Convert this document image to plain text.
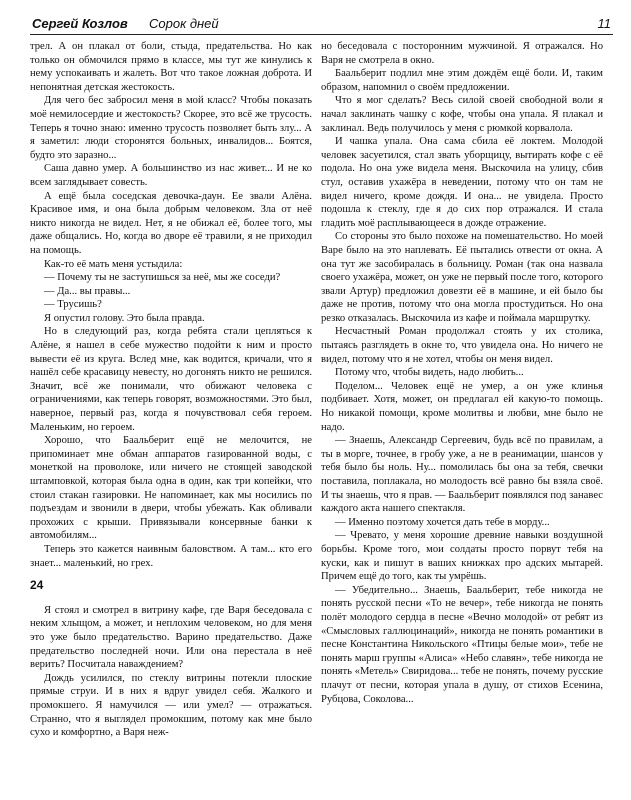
Сергей Козлов Сорок дней	11

трел. А он плакал от боли, стыда, предательства. Но как только он обмочился прямо в классе, мы тут же кинулись к нему успокаивать и жалеть. Вот что такое ложная доброта. И непонятная детская жестокость.

Для чего бес забросил меня в мой класс? Чтобы показать моё немилосердие и жестокость? Скорее, это всё же трусость. Теперь я точно знаю: именно трусость позволяет быть злу... А я заметил: люди сторонятся больных, инвалидов... Боятся, будто это заразно...

Саша давно умер. А большинство из нас живет... И не ко всем заглядывает совесть.

А ещё была соседская девочка-даун. Ее звали Алёна. Красивое имя, и она была добрым человеком. Зла от неё никто никогда не видел. Нет, я не обижал её, более того, мы даже общались. Но, когда во дворе её травили, я не приходил на помощь.

Как-то её мать меня устыдила:

— Почему ты не заступишься за неё, мы же соседи?

— Да... вы правы...

— Трусишь?

Я опустил голову. Это была правда.

Но в следующий раз, когда ребята стали цепляться к Алёне, я нашел в себе мужество подойти к ним и просто вывести её из круга. Вслед мне, как водится, кричали, что я нашёл себе красавицу невесту, но догонять никто не решился. Значит, всё же понимали, что обижают человека с ограничениями, как теперь говорят, возможностями. Это был, наверное, первый раз, когда я почувствовал себя героем. Маленьким, но героем.

Хорошо, что Баальберит ещё не мелочится, не припоминает мне обман аппаратов газированной воды, с монеткой на проволоке, или ничего не стоящей заводской штамповкой, которая была одна в один, как три копейки, что стоил стакан газировки. Не напоминает, как мы носились по подъездам и звонили в двери, чтобы убежать. Как обливали прохожих с крыши. Привязывали консервные банки к автомобилям...

Теперь это кажется наивным баловством. А там... кто его знает... маленький, но грех.

24

Я стоял и смотрел в витрину кафе, где Варя беседовала с неким хлыщом, а может, и неплохим человеком, но для меня это уже было предательство. Варино предательство. Даже предательство последней ночи. Или она перестала в неё верить? Посчитала наваждением?

Дождь усилился, по стеклу витрины потекли плоские прямые струи. И в них я вдруг увидел себя. Жалкого и промокшего. Я намучился — или умел? — отражаться. Странно, что я выглядел промокшим, потому как мне было сухо и комфортно, а Варя неж-

но беседовала с посторонним мужчиной. Я отражался. Но Варя не смотрела в окно.

Баальберит подлил мне этим дождём ещё боли. И, таким образом, напомнил о своём предложении.

Что я мог сделать? Весь силой своей свободной воли я начал заклинать чашку с кофе, чтобы она упала. Я плакал и заклинал. Ведь получилось у меня с рюмкой корвалола.

И чашка упала. Она сама сбила её локтем. Молодой человек засуетился, стал звать уборщицу, вытирать кофе с её подола. Но она уже видела меня. Выскочила на улицу, сбив стул, оставив ухажёра в неведении, потому что он там не видел ничего, кроме дождя. И она... не увидела. Просто подошла к стеклу, где я до сих пор отражался. И стала гладить моё расплывающееся в дожде отражение.

Со стороны это было похоже на помешательство. Но моей Варе было на это наплевать. Её пытались отвести от окна. А она тут же засобиралась в больницу. Роман (так она назвала своего ухажёра, может, он уже не первый после того, которого звали Артур) предложил довезти её в машине, и ей было бы даже не против, потому что она могла простудиться. Но она резко отказалась. Выскочила из кафе и поймала маршрутку.

Несчастный Роман продолжал стоять у их столика, пытаясь разглядеть в окне то, что увидела она. Но ничего не видел, потому что я не хотел, чтобы он меня видел.

Потому что, чтобы видеть, надо любить...

Поделом... Человек ещё не умер, а он уже клинья подбивает. Хотя, может, он предлагал ей какую-то помощь. Но никакой помощи, кроме молитвы и любви, мне было не надо.

— Знаешь, Александр Сергеевич, будь всё по правилам, а ты в морге, точнее, в гробу уже, а не в реанимации, шансов у тебя было бы ноль. Ну... помолилась бы она за тебя, свечки поставила, поплакала, но молодость всё равно бы взяла своё. И ты знаешь, что я прав. — Баальберит появлялся под занавес каждого акта нашего спектакля.

— Именно поэтому хочется дать тебе в морду...

— Чревато, у меня хорошие древние навыки воздушной борьбы. Кроме того, мои солдаты просто порвут тебя на куски, как и пишут в ваших книжках про адских мытарей. Причем ещё до того, как ты умрёшь.

— Убедительно... Знаешь, Баальберит, тебе никогда не понять русской песни «То не вечер», тебе никогда не понять полёт молодого сердца в песне «Вечно молодой» от ребят из «Смысловых галлюцинаций», никогда не понять романтики в песне Константина Никольского «Птицы белые мои», тебе не понять марш группы «Алиса» «Небо славян», тебе никогда не понять «Метель» Свиридова... тебе не понять, почему русские плачут от песни, которая упала в душу, от стихов Есенина, Рубцова, Соколова...
